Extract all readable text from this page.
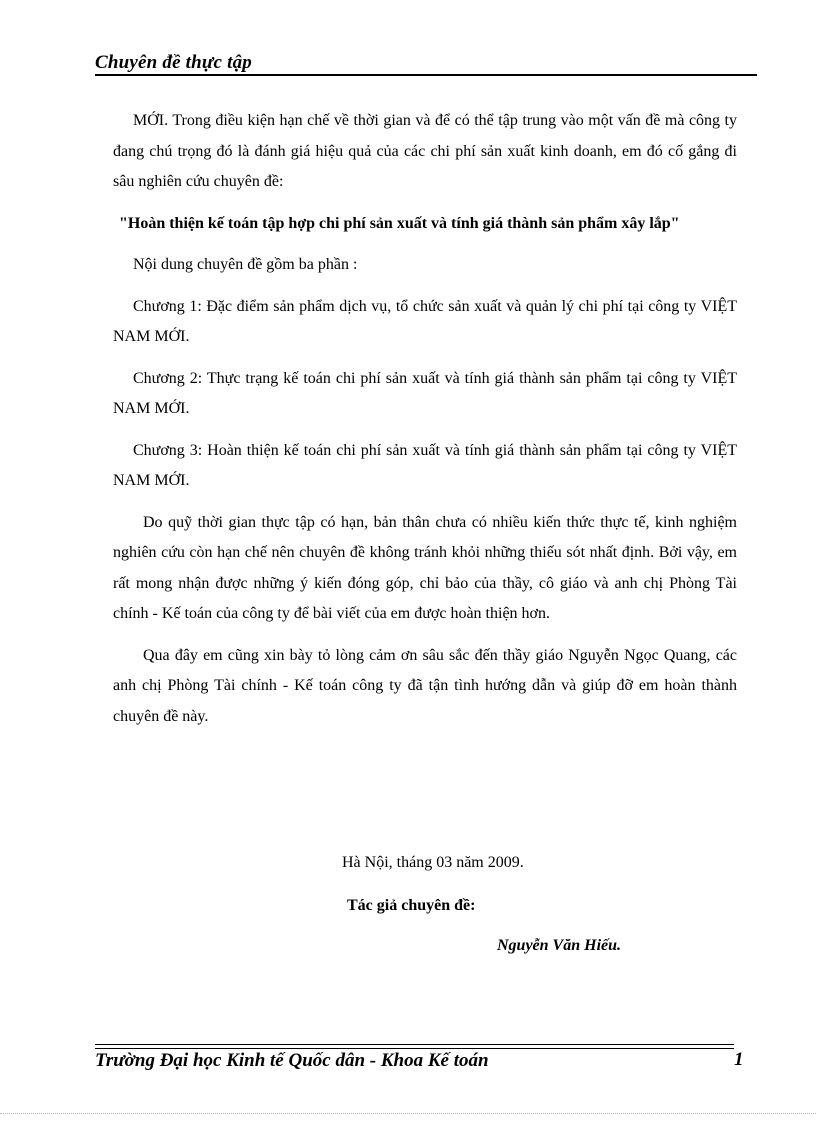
Chuyên đề thực tập

MỚI. Trong điều kiện hạn chế về thời gian và để có thể tập trung vào một vấn đề mà công ty đang chú trọng đó là đánh giá hiệu quả của các chi phí sản xuất kinh doanh, em đó cố gắng đi sâu nghiên cứu chuyên đề:

"Hoàn thiện kế toán tập hợp chi phí sản xuất và tính giá thành sản phẩm xây lắp"

Nội dung chuyên đề gồm ba phần :

Chương 1: Đặc điểm sản phẩm dịch vụ, tổ chức sản xuất và quản lý chi phí tại công ty VIỆT NAM MỚI.

Chương 2: Thực trạng kế toán chi phí sản xuất và tính giá thành sản phẩm tại công ty VIỆT NAM MỚI.

Chương 3: Hoàn thiện kế toán chi phí sản xuất và tính giá thành sản phẩm tại công ty VIỆT NAM MỚI.

Do quỹ thời gian thực tập có hạn, bản thân chưa có nhiều kiến thức thực tế, kinh nghiệm nghiên cứu còn hạn chế nên chuyên đề không tránh khỏi những thiếu sót nhất định. Bởi vậy, em rất mong nhận được những ý kiến đóng góp, chỉ bảo của thầy, cô giáo và anh chị Phòng Tài chính - Kế toán của công ty để bài viết của em được hoàn thiện hơn.

Qua đây em cũng xin bày tỏ lòng cảm ơn sâu sắc đến thầy giáo Nguyễn Ngọc Quang, các anh chị Phòng Tài chính - Kế toán công ty đã tận tình hướng dẫn và giúp đỡ em hoàn thành chuyên đề này.

Hà Nội, tháng 03 năm 2009.
Tác giả chuyên đề:
Nguyễn Văn Hiếu.
Trường Đại học Kinh tế Quốc dân - Khoa Kế toán	1
